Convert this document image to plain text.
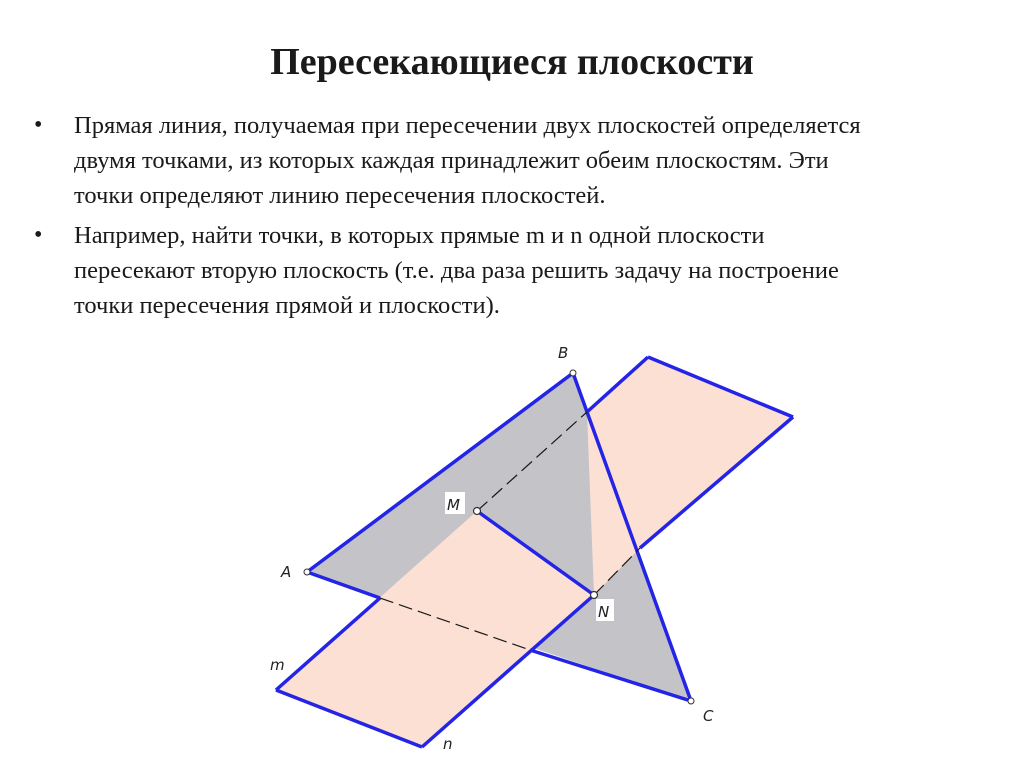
Пересекающиеся плоскости
• Прямая линия, получаемая при пересечении двух плоскостей определяется
двумя точками, из которых каждая принадлежит обеим плоскостям. Эти
точки определяют линию пересечения плоскостей.
• Например, найти точки, в которых прямые m и n одной плоскости
пересекают вторую плоскость (т.е. два раза решить задачу на построение
точки пересечения прямой и плоскости).
A
B
C
M
N
m
n
